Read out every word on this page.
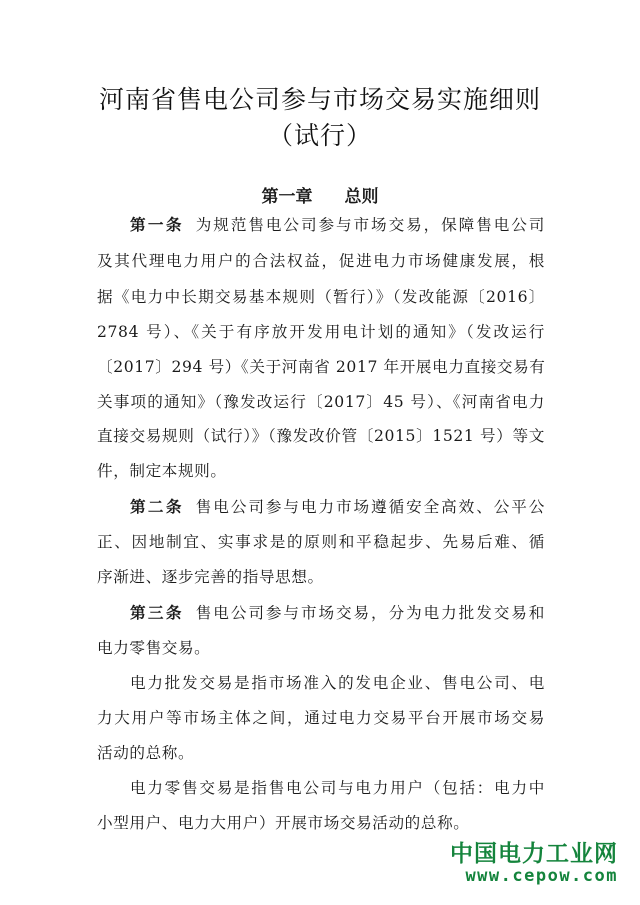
河南省售电公司参与市场交易实施细则
（试行）
第一章 总则
第一条 为规范售电公司参与市场交易，保障售电公司
及其代理电力用户的合法权益，促进电力市场健康发展，根
据《电力中长期交易基本规则（暂行）》（发改能源〔2016〕
2784 号）、《关于有序放开发用电计划的通知》（发改运行
〔2017〕294 号）《关于河南省 2017 年开展电力直接交易有
关事项的通知》（豫发改运行〔2017〕45 号）、《河南省电力
直接交易规则（试行）》（豫发改价管〔2015〕1521 号）等文
件，制定本规则。
第二条 售电公司参与电力市场遵循安全高效、公平公
正、因地制宜、实事求是的原则和平稳起步、先易后难、循
序渐进、逐步完善的指导思想。
第三条 售电公司参与市场交易，分为电力批发交易和
电力零售交易。
电力批发交易是指市场准入的发电企业、售电公司、电
力大用户等市场主体之间，通过电力交易平台开展市场交易
活动的总称。
电力零售交易是指售电公司与电力用户（包括：电力中
小型用户、电力大用户）开展市场交易活动的总称。
中国电力工业网
www.cepow.com
